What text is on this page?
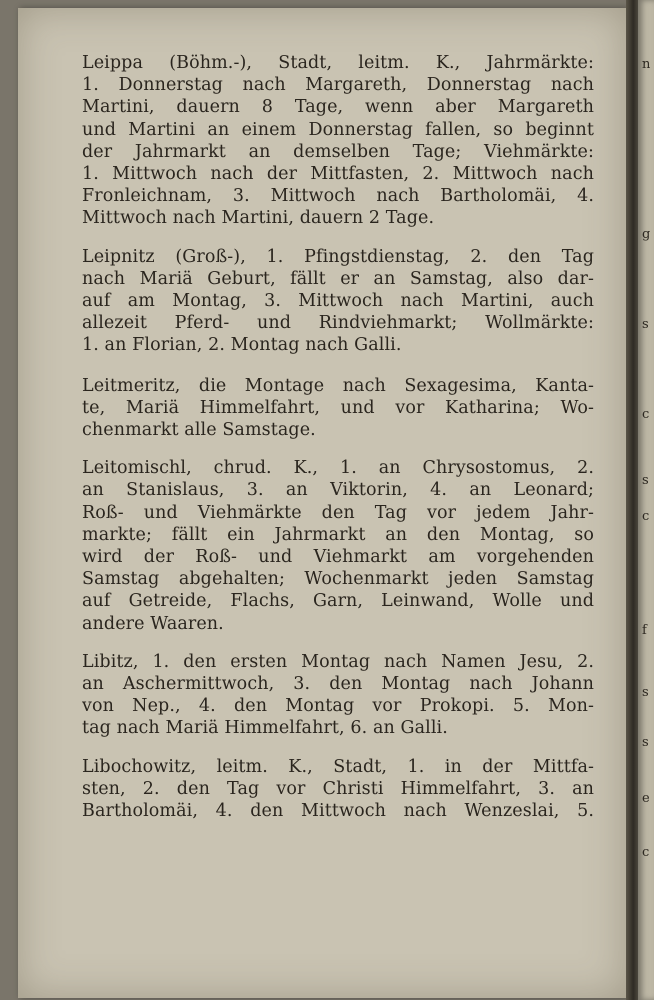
Leippa (Böhm.-), Stadt, leitm. K., Jahrmärkte:
1. Donnerstag nach Margareth, Donnerstag nach
Martini, dauern 8 Tage, wenn aber Margareth
und Martini an einem Donnerstag fallen, so beginnt
der Jahrmarkt an demselben Tage; Viehmärkte:
1. Mittwoch nach der Mittfasten, 2. Mittwoch nach
Fronleichnam, 3. Mittwoch nach Bartholomäi, 4.
Mittwoch nach Martini, dauern 2 Tage.
Leipnitz (Groß-), 1. Pfingstdienstag, 2. den Tag
nach Mariä Geburt, fällt er an Samstag, also dar-
auf am Montag, 3. Mittwoch nach Martini, auch
allezeit Pferd- und Rindviehmarkt; Wollmärkte:
1. an Florian, 2. Montag nach Galli.
Leitmeritz, die Montage nach Sexagesima, Kanta-
te, Mariä Himmelfahrt, und vor Katharina; Wo-
chenmarkt alle Samstage.
Leitomischl, chrud. K., 1. an Chrysostomus, 2.
an Stanislaus, 3. an Viktorin, 4. an Leonard;
Roß- und Viehmärkte den Tag vor jedem Jahr-
markte; fällt ein Jahrmarkt an den Montag, so
wird der Roß- und Viehmarkt am vorgehenden
Samstag abgehalten; Wochenmarkt jeden Samstag
auf Getreide, Flachs, Garn, Leinwand, Wolle und
andere Waaren.
Libitz, 1. den ersten Montag nach Namen Jesu, 2.
an Aschermittwoch, 3. den Montag nach Johann
von Nep., 4. den Montag vor Prokopi. 5. Mon-
tag nach Mariä Himmelfahrt, 6. an Galli.
Libochowitz, leitm. K., Stadt, 1. in der Mittfa-
sten, 2. den Tag vor Christi Himmelfahrt, 3. an
Bartholomäi, 4. den Mittwoch nach Wenzeslai, 5.
n
g
s
c
s
c
f
s
s
e
c
